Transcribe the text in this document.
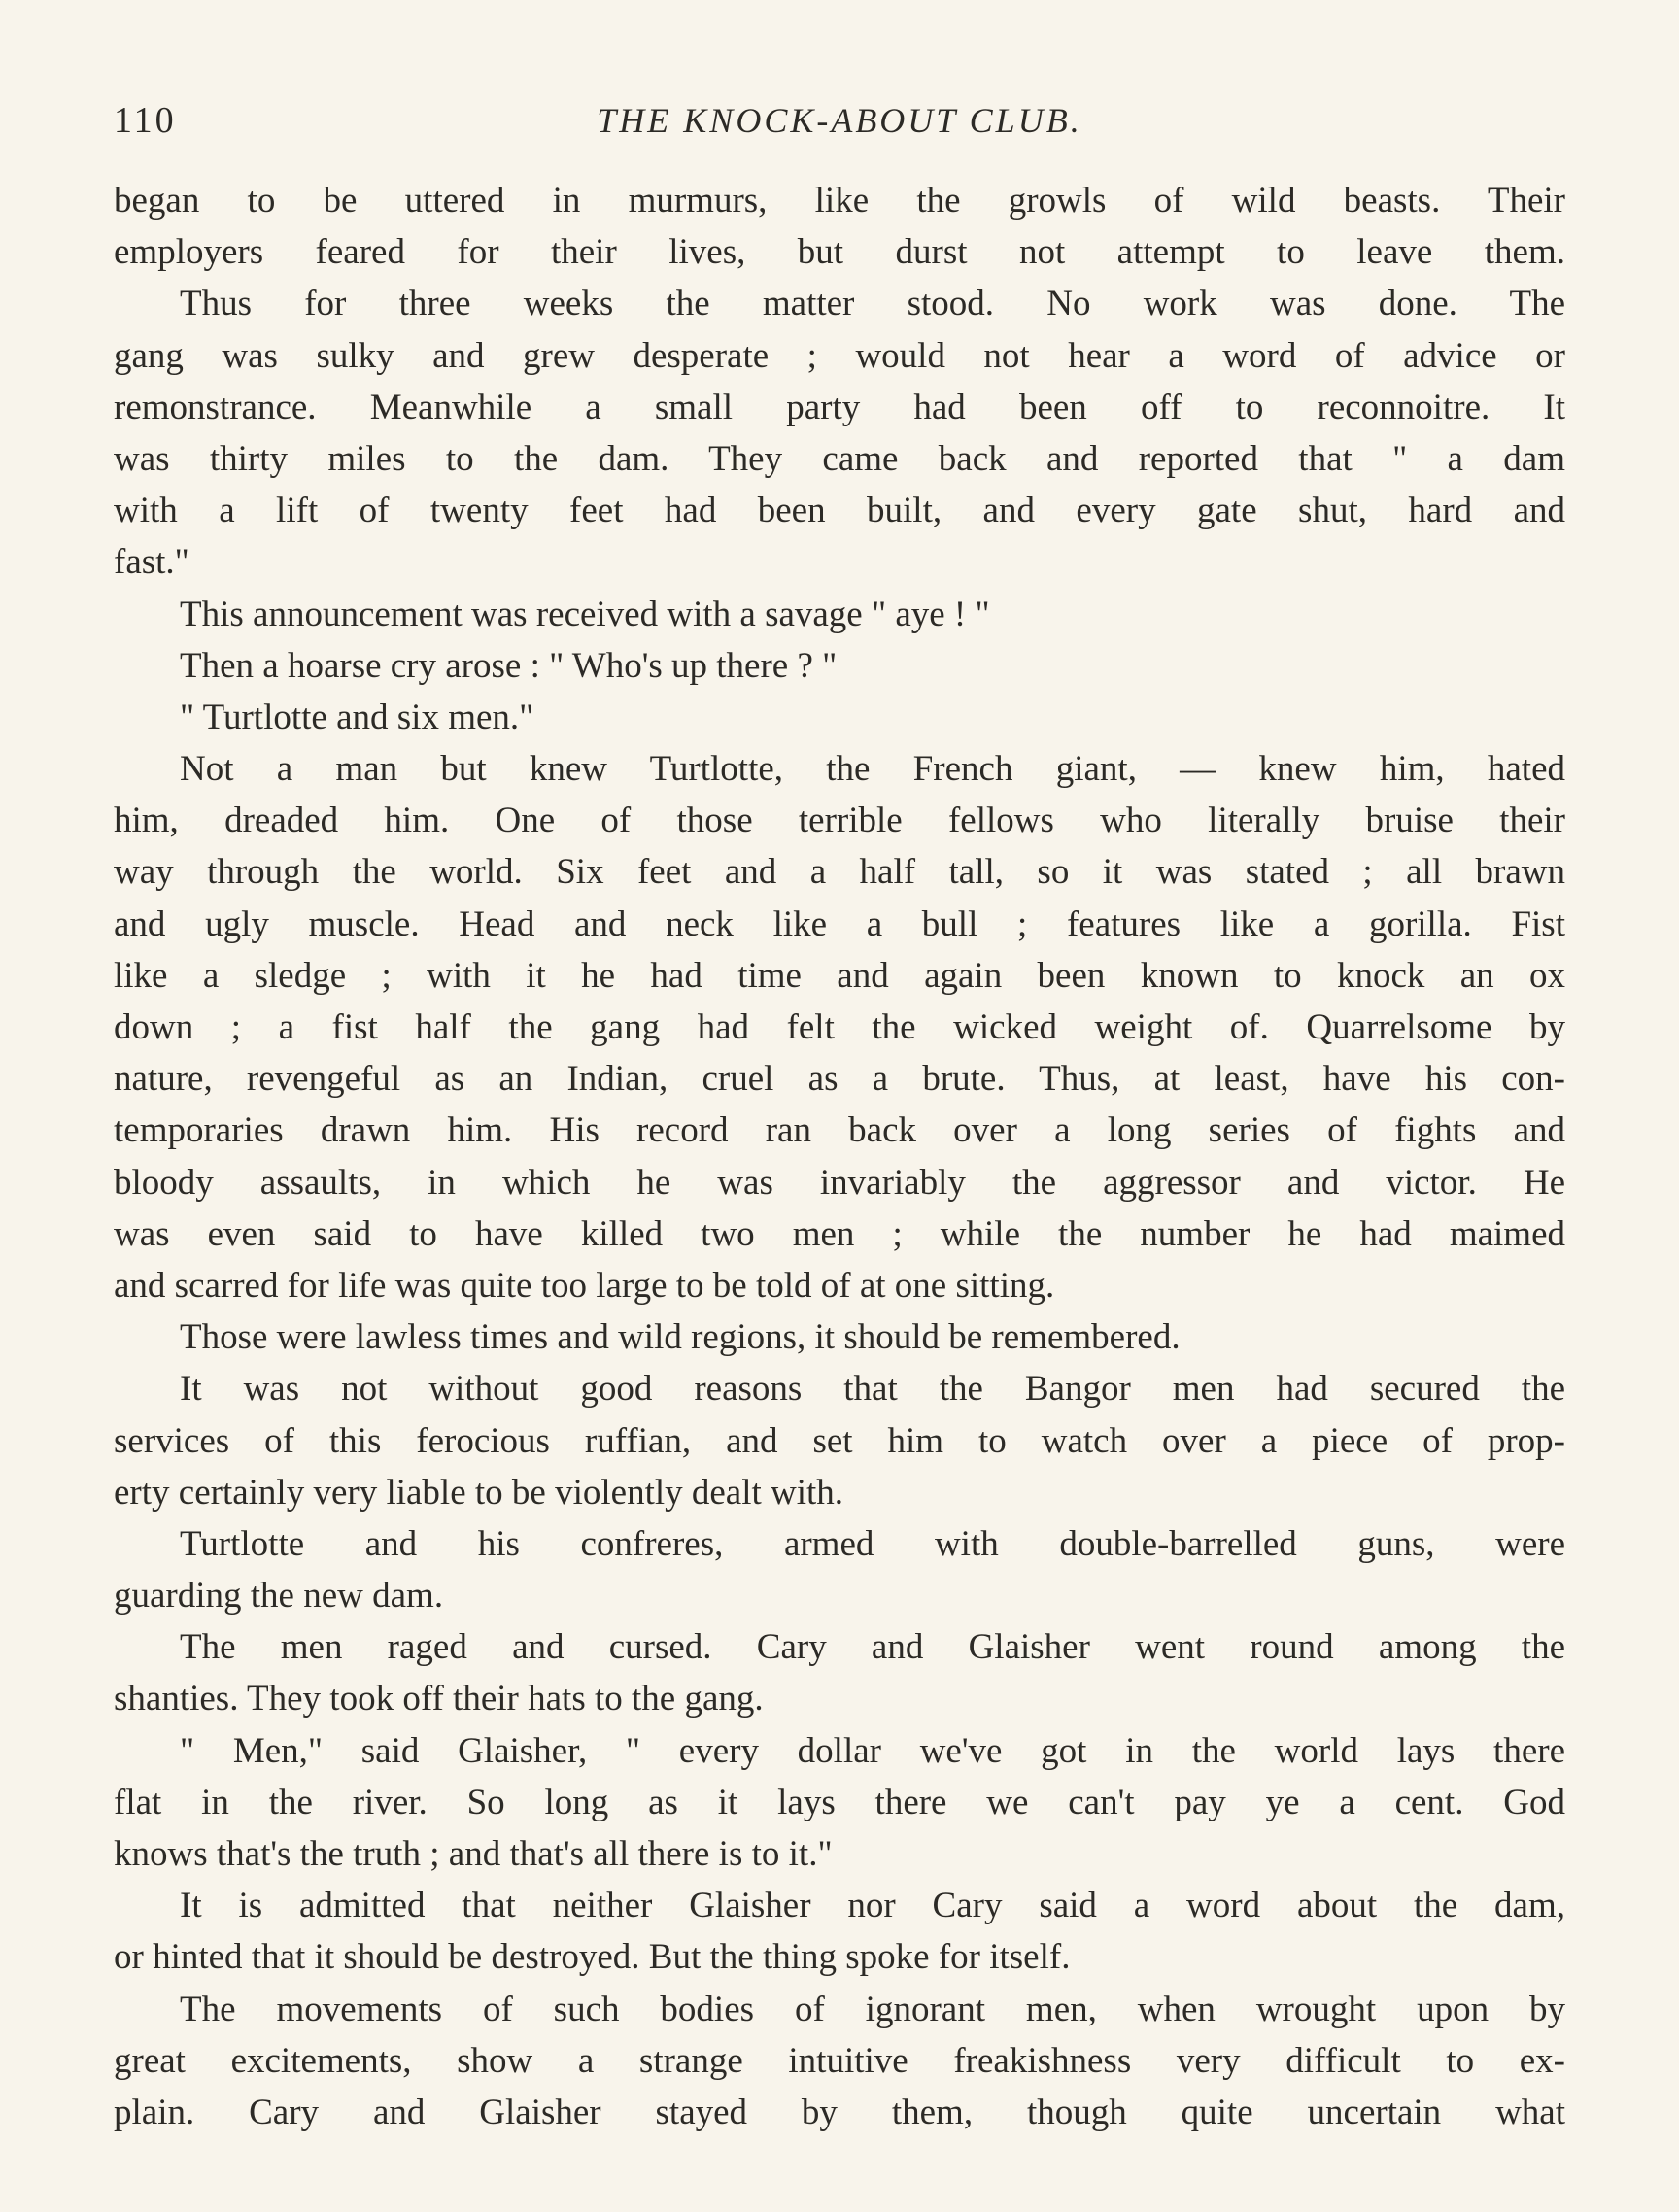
110	THE KNOCK-ABOUT CLUB.
began to be uttered in murmurs, like the growls of wild beasts. Their
employers feared for their lives, but durst not attempt to leave them.
Thus for three weeks the matter stood. No work was done. The
gang was sulky and grew desperate ; would not hear a word of advice or
remonstrance. Meanwhile a small party had been off to reconnoitre. It
was thirty miles to the dam. They came back and reported that " a dam
with a lift of twenty feet had been built, and every gate shut, hard and
fast."
This announcement was received with a savage " aye ! "
Then a hoarse cry arose : " Who's up there ? "
" Turtlotte and six men."
Not a man but knew Turtlotte, the French giant, — knew him, hated
him, dreaded him. One of those terrible fellows who literally bruise their
way through the world. Six feet and a half tall, so it was stated ; all brawn
and ugly muscle. Head and neck like a bull ; features like a gorilla. Fist
like a sledge ; with it he had time and again been known to knock an ox
down ; a fist half the gang had felt the wicked weight of. Quarrelsome by
nature, revengeful as an Indian, cruel as a brute. Thus, at least, have his con-
temporaries drawn him. His record ran back over a long series of fights and
bloody assaults, in which he was invariably the aggressor and victor. He
was even said to have killed two men ; while the number he had maimed
and scarred for life was quite too large to be told of at one sitting.
Those were lawless times and wild regions, it should be remembered.
It was not without good reasons that the Bangor men had secured the
services of this ferocious ruffian, and set him to watch over a piece of prop-
erty certainly very liable to be violently dealt with.
Turtlotte and his confreres, armed with double-barrelled guns, were
guarding the new dam.
The men raged and cursed. Cary and Glaisher went round among the
shanties. They took off their hats to the gang.
" Men," said Glaisher, " every dollar we've got in the world lays there
flat in the river. So long as it lays there we can't pay ye a cent. God
knows that's the truth ; and that's all there is to it."
It is admitted that neither Glaisher nor Cary said a word about the dam,
or hinted that it should be destroyed. But the thing spoke for itself.
The movements of such bodies of ignorant men, when wrought upon by
great excitements, show a strange intuitive freakishness very difficult to ex-
plain. Cary and Glaisher stayed by them, though quite uncertain what
